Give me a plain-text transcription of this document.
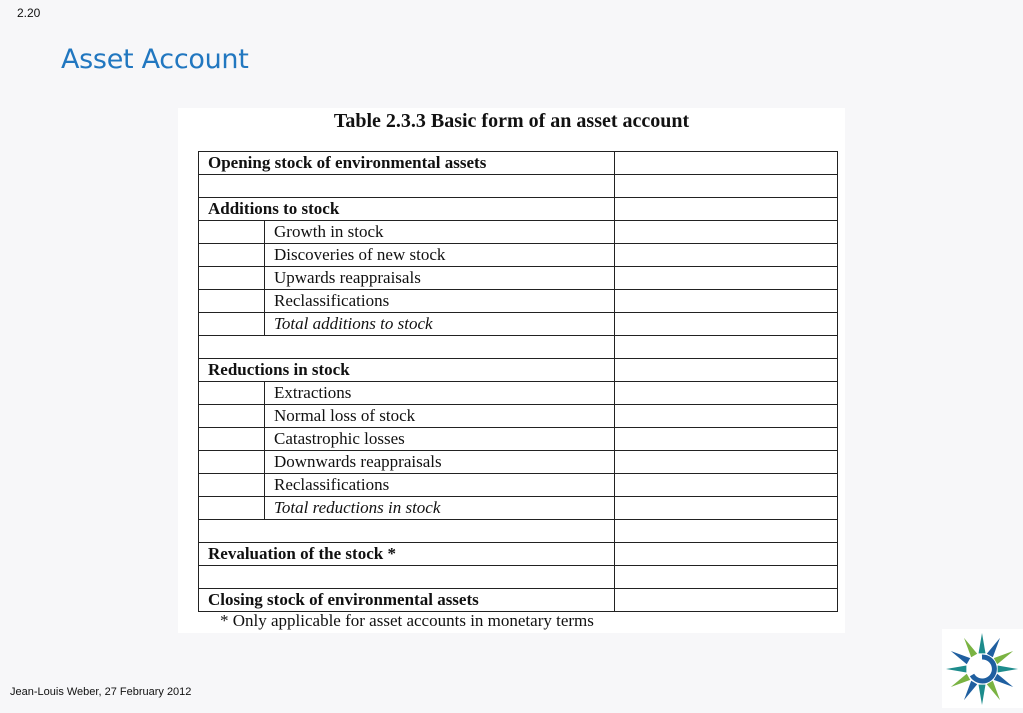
2.20
Asset Account
Table 2.3.3 Basic form of an asset account
Opening stock of environmental assets		

Additions to stock		
	Growth in stock	
	Discoveries of new stock	
	Upwards reappraisals	
	Reclassifications	
	Total additions to stock	

Reductions in stock		
	Extractions	
	Normal loss of stock	
	Catastrophic losses	
	Downwards reappraisals	
	Reclassifications	
	Total reductions in stock	

Revaluation of the stock *		

Closing stock of environmental assets		
* Only applicable for asset accounts in monetary terms
Jean-Louis Weber, 27 February 2012
